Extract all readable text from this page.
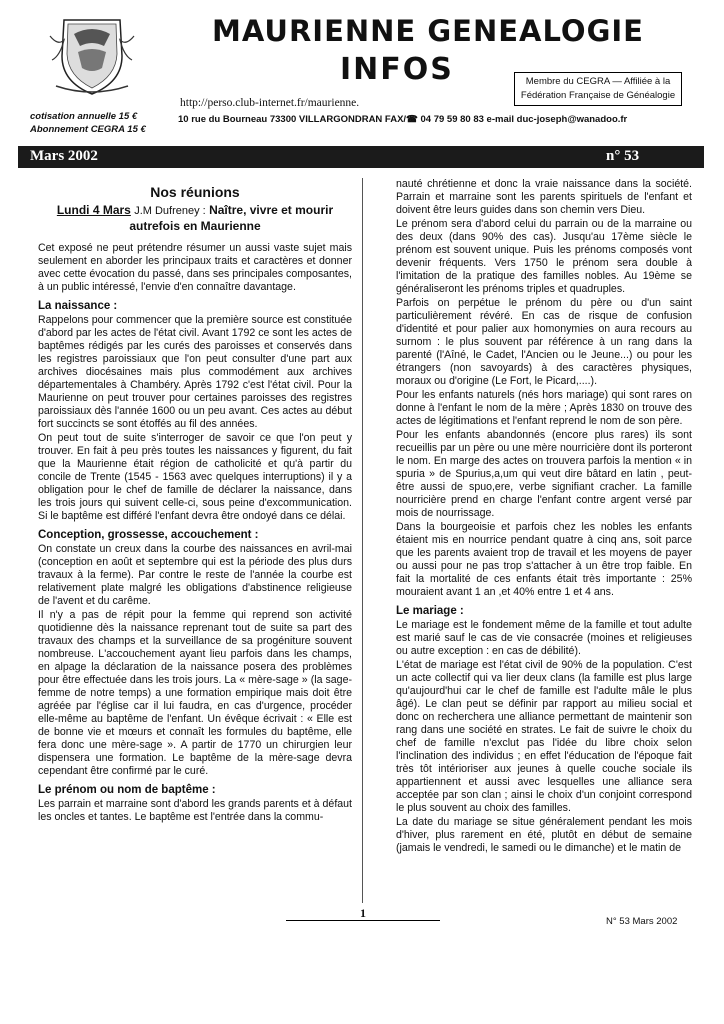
MAURIENNE GENEALOGIE
INFOS	Membre du CEGRA — Affiliée à la Fédération Française de Généalogie
http://perso.club-internet.fr/maurienne.
cotisation annuelle 15 €
Abonnement CEGRA 15 €
10 rue du Bourneau 73300 VILLARGONDRAN FAX/☎ 04 79 59 80 83 e-mail duc-joseph@wanadoo.fr
Mars 2002	n° 53
Nos réunions
Lundi 4 Mars J.M Dufreney : Naître, vivre et mourir autrefois en Maurienne

Cet exposé ne peut prétendre résumer un aussi vaste sujet mais seulement en aborder les principaux traits et caractères et donner avec cette évocation du passé, dans ses principales composantes, à un public intéressé, l'envie d'en connaître davantage.

La naissance :

Rappelons pour commencer que la première source est constituée d'abord par les actes de l'état civil. Avant 1792 ce sont les actes de baptêmes rédigés par les curés des paroisses et conservés dans les registres paroissiaux que l'on peut consulter d'une part aux archives diocésaines mais plus commodément aux archives départementales à Chambéry. Après 1792 c'est l'état civil. Pour la Maurienne on peut trouver pour certaines paroisses des registres paroissiaux dès l'année 1600 ou un peu avant. Ces actes au début fort succincts se sont étoffés au fil des années.

On peut tout de suite s'interroger de savoir ce que l'on peut y trouver. En fait à peu près toutes les naissances y figurent, du fait que la Maurienne était région de catholicité et qu'à partir du concile de Trente (1545 - 1563 avec quelques interruptions) il y a obligation pour le chef de famille de déclarer la naissance, dans les trois jours qui suivent celle-ci, sous peine d'excommunication. Si le baptême est différé l'enfant devra être ondoyé dans ce délai.

Conception, grossesse, accouchement :

On constate un creux dans la courbe des naissances en avril-mai (conception en août et septembre qui est la période des plus durs travaux à la ferme). Par contre le reste de l'année la courbe est relativement plate malgré les obligations d'abstinence religieuse de l'avent et du carême.

Il n'y a pas de répit pour la femme qui reprend son activité quotidienne dès la naissance reprenant tout de suite sa part des travaux des champs et la surveillance de sa progéniture souvent nombreuse. L'accouchement ayant lieu parfois dans les champs, en alpage la déclaration de la naissance posera des problèmes pour être effectuée dans les trois jours. La « mère-sage » (la sage-femme de notre temps) a une formation empirique mais doit être agréée par l'église car il lui faudra, en cas d'urgence, procéder elle-même au baptême de l'enfant. Un évêque écrivait : « Elle est de bonne vie et mœurs et connaît les formules du baptême, elle fera donc une mère-sage ». A partir de 1770 un chirurgien leur dispensera une formation. Le baptême de la mère-sage devra cependant être confirmé par le curé.

Le prénom ou nom de baptême :

Les parrain et marraine sont d'abord les grands parents et à défaut les oncles et tantes. Le baptême est l'entrée dans la commu-

nauté chrétienne et donc la vraie naissance dans la société. Parrain et marraine sont les parents spirituels de l'enfant et doivent être leurs guides dans son chemin vers Dieu.

Le prénom sera d'abord celui du parrain ou de la marraine ou des deux (dans 90% des cas). Jusqu'au 17ème siècle le prénom est souvent unique. Puis les prénoms composés vont devenir fréquents. Vers 1750 le prénom sera double à l'imitation de la pratique des familles nobles. Au 19ème se généraliseront les prénoms triples et quadruples.

Parfois on perpétue le prénom du père ou d'un saint particulièrement révéré. En cas de risque de confusion d'identité et pour palier aux homonymies on aura recours au surnom : le plus souvent par référence à un rang dans la parenté (l'Aîné, le Cadet, l'Ancien ou le Jeune...) ou pour les étrangers (non savoyards) à des caractères physiques, moraux ou d'origine (Le Fort, le Picard,....).

Pour les enfants naturels (nés hors mariage) qui sont rares on donne à l'enfant le nom de la mère ; Après 1830 on trouve des actes de légitimations et l'enfant reprend le nom de son père.

Pour les enfants abandonnés (encore plus rares) ils sont recueillis par un père ou une mère nourricière dont ils porteront le nom. En marge des actes on trouvera parfois la mention « in spuria » de Spurius,a,um qui veut dire bâtard en latin , peut-être aussi de spuo,ere, verbe signifiant cracher. La famille nourricière prend en charge l'enfant contre argent versé par mois de nourrissage.

Dans la bourgeoisie et parfois chez les nobles les enfants étaient mis en nourrice pendant quatre à cinq ans, soit parce que les parents avaient trop de travail et les moyens de payer ou aussi pour ne pas trop s'attacher à un être trop faible. En fait la mortalité de ces enfants était très importante : 25% mouraient avant 1 an ,et 40% entre 1 et 4 ans.

Le mariage :

Le mariage est le fondement même de la famille et tout adulte est marié sauf le cas de vie consacrée (moines et religieuses ou autre exception : en cas de débilité).

L'état de mariage est l'état civil de 90% de la population. C'est un acte collectif qui va lier deux clans (la famille est plus large qu'aujourd'hui car le chef de famille est l'adulte mâle le plus âgé). Le clan peut se définir par rapport au milieu social et donc on recherchera une alliance permettant de maintenir son rang dans une société en strates. Le fait de suivre le choix du chef de famille n'exclut pas l'idée du libre choix selon l'inclination des individus ; en effet l'éducation de l'époque fait très tôt intérioriser aux jeunes à quelle couche sociale ils appartiennent et aussi avec lesquelles une alliance sera acceptée par son clan ; ainsi le choix d'un conjoint correspond le plus souvent au choix des familles.

La date du mariage se situe généralement pendant les mois d'hiver, plus rarement en été, plutôt en début de semaine (jamais le vendredi, le samedi ou le dimanche) et le matin de

1
N° 53 Mars 2002
